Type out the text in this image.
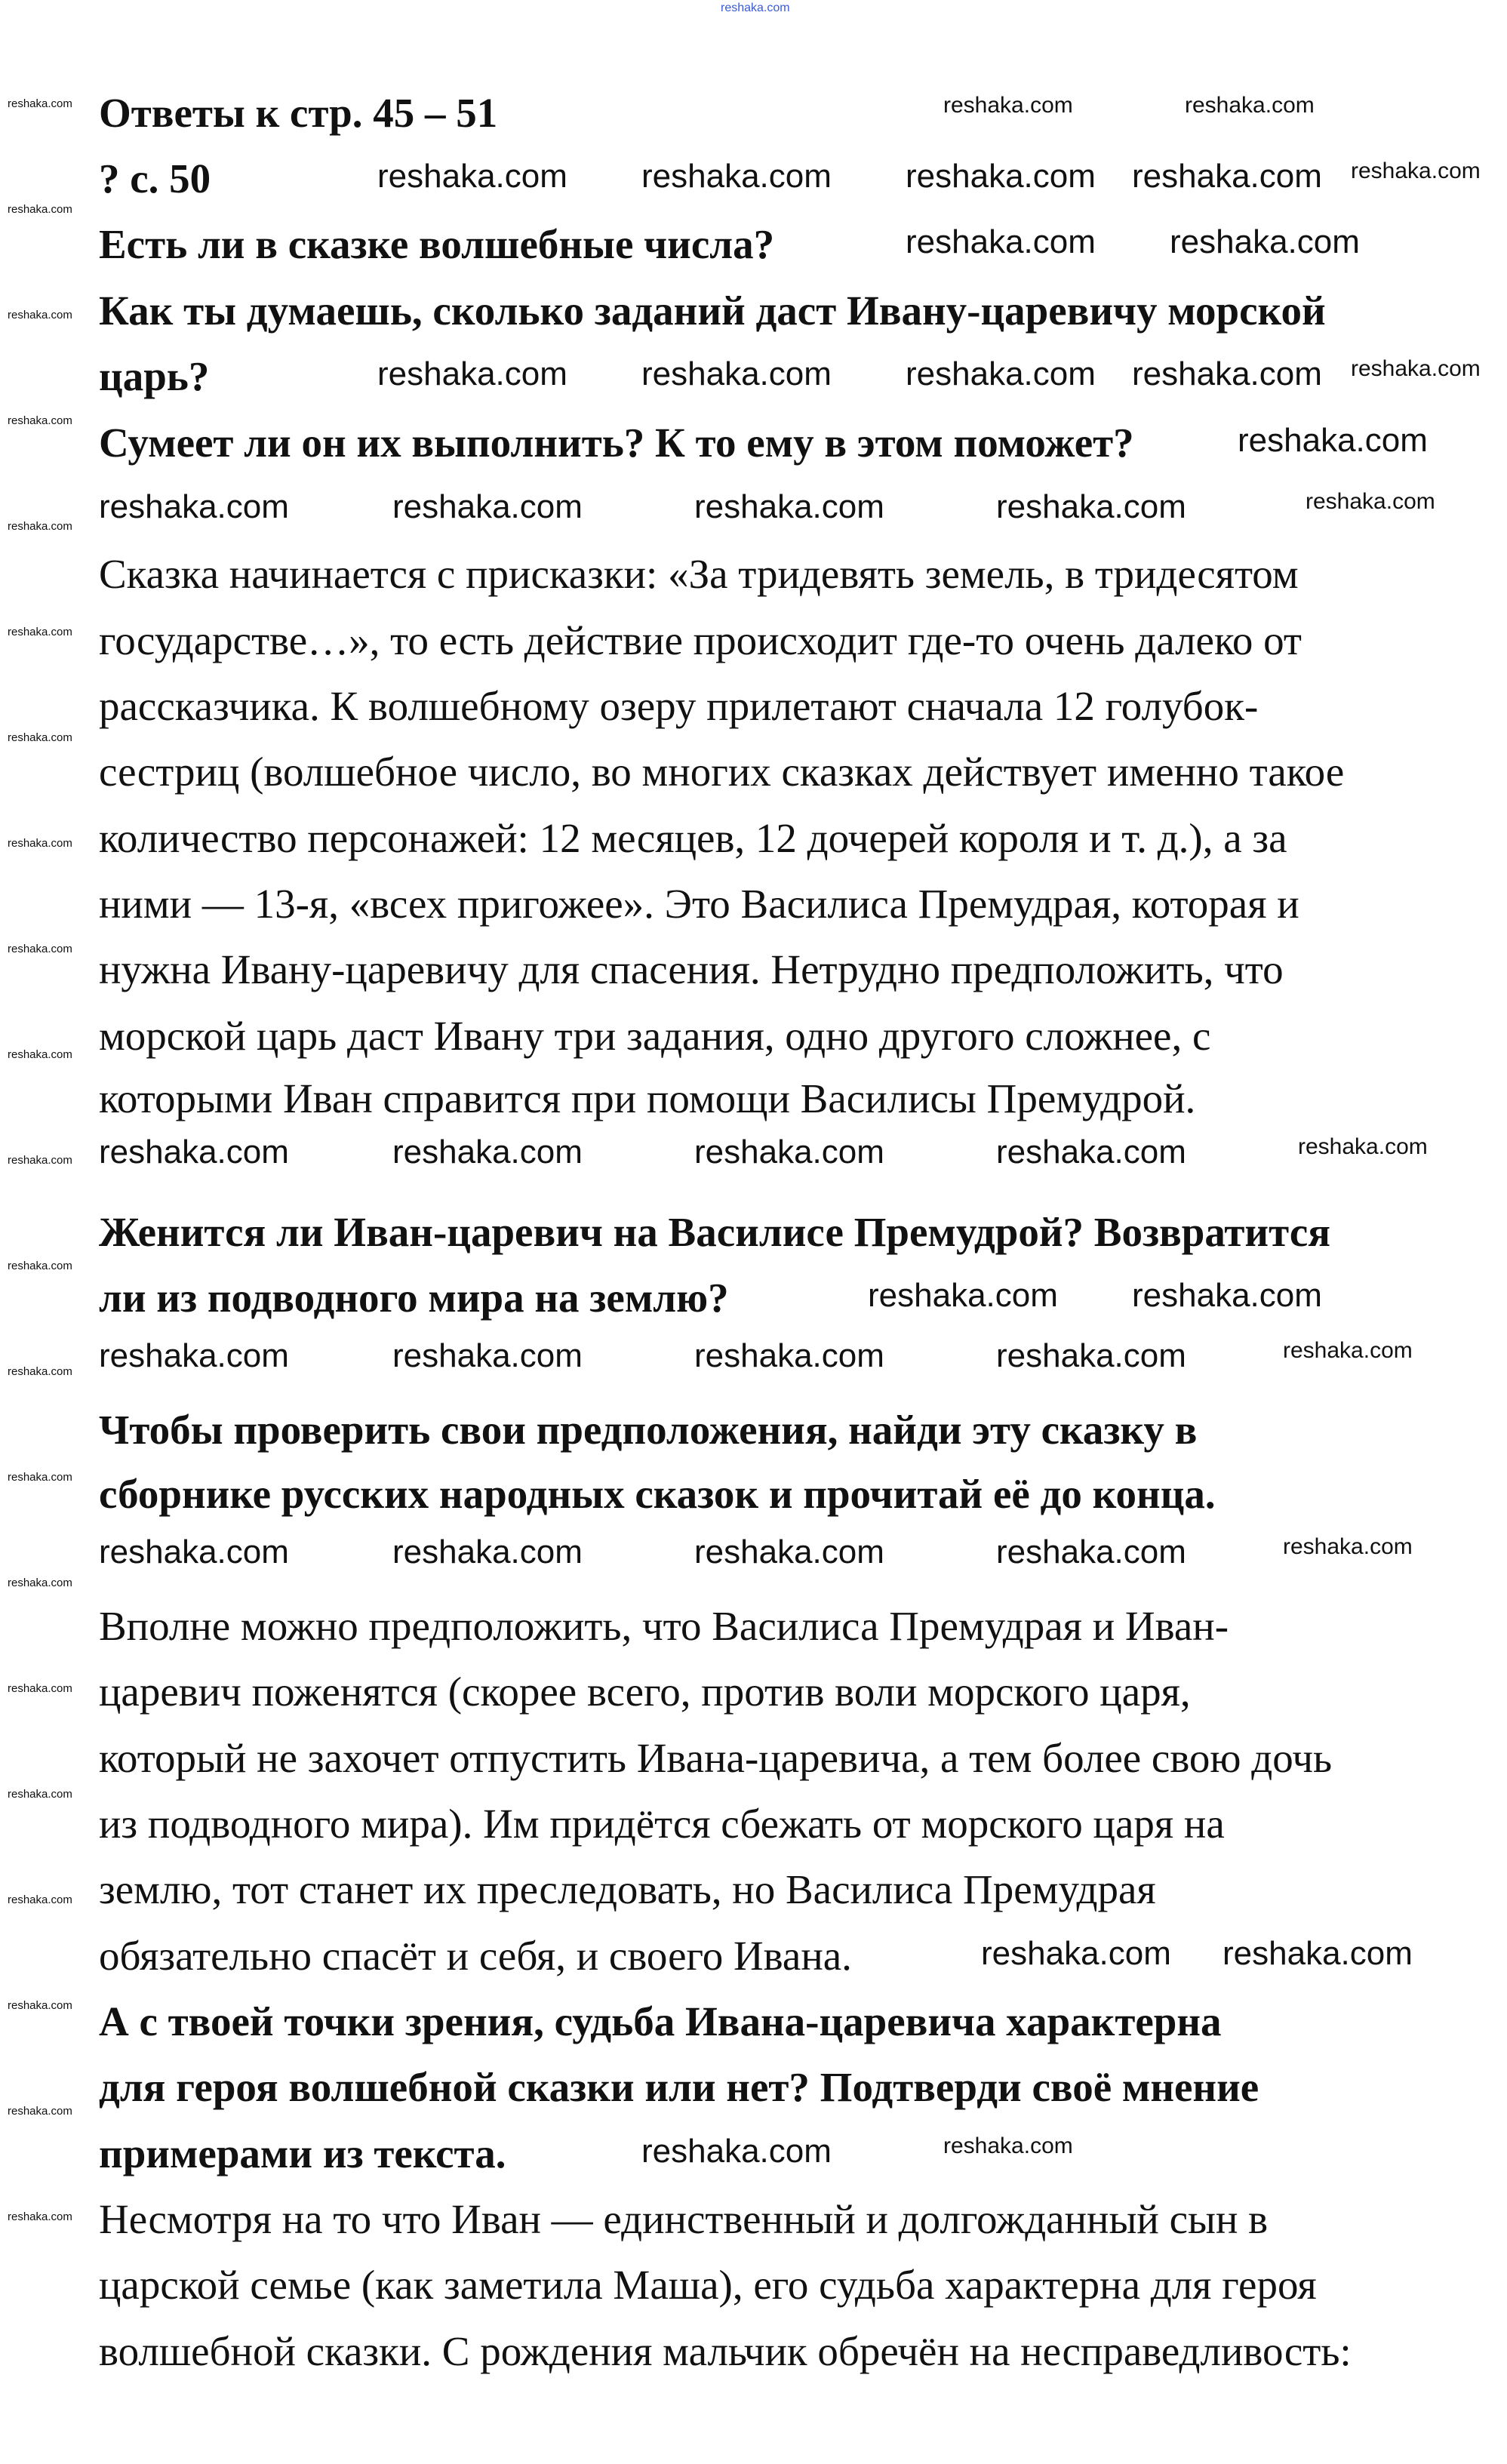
reshaka.com
Ответы к стр. 45 – 51
? с. 50
Есть ли в сказке волшебные числа?
Как ты думаешь, сколько заданий даст Ивану-царевичу морской
царь?
Сумеет ли он их выполнить? К то ему в этом поможет?
Сказка начинается с присказки: «За тридевять земель, в тридесятом
государстве…», то есть действие происходит где-то очень далеко от
рассказчика. К волшебному озеру прилетают сначала 12 голубок-
сестриц (волшебное число, во многих сказках действует именно такое
количество персонажей: 12 месяцев, 12 дочерей короля и т. д.), а за
ними — 13-я, «всех пригожее». Это Василиса Премудрая, которая и
нужна Ивану-царевичу для спасения. Нетрудно предположить, что
морской царь даст Ивану три задания, одно другого сложнее, с
которыми Иван справится при помощи Василисы Премудрой.
Женится ли Иван-царевич на Василисе Премудрой? Возвратится
ли из подводного мира на землю?
Чтобы проверить свои предположения, найди эту сказку в
сборнике русских народных сказок и прочитай её до конца.
Вполне можно предположить, что Василиса Премудрая и Иван-
царевич поженятся (скорее всего, против воли морского царя,
который не захочет отпустить Ивана-царевича, а тем более свою дочь
из подводного мира). Им придётся сбежать от морского царя на
землю, тот станет их преследовать, но Василиса Премудрая
обязательно спасёт и себя, и своего Ивана.
А с твоей точки зрения, судьба Ивана-царевича характерна
для героя волшебной сказки или нет? Подтверди своё мнение
примерами из текста.
Несмотря на то что Иван — единственный и долгожданный сын в
царской семье (как заметила Маша), его судьба характерна для героя
волшебной сказки. С рождения мальчик обречён на несправедливость:
reshaka.com reshaka.com reshaka.com reshaka.com
reshaka.com reshaka.com
reshaka.com reshaka.com reshaka.com reshaka.com
reshaka.com
reshaka.com	reshaka.com	reshaka.com	reshaka.com
reshaka.com	reshaka.com	reshaka.com	reshaka.com
reshaka.com reshaka.com
reshaka.com	reshaka.com	reshaka.com	reshaka.com
reshaka.com	reshaka.com	reshaka.com	reshaka.com
reshaka.com reshaka.com
reshaka.com
reshaka.com	reshaka.com
reshaka.com
reshaka.com
reshaka.com
reshaka.com
reshaka.com
reshaka.com
reshaka.com
reshaka.com
reshaka.com
reshaka.com
reshaka.com
reshaka.com
reshaka.com
reshaka.com
reshaka.com
reshaka.com
reshaka.com
reshaka.com
reshaka.com
reshaka.com
reshaka.com
reshaka.com
reshaka.com
reshaka.com
reshaka.com
reshaka.com
reshaka.com
reshaka.com
